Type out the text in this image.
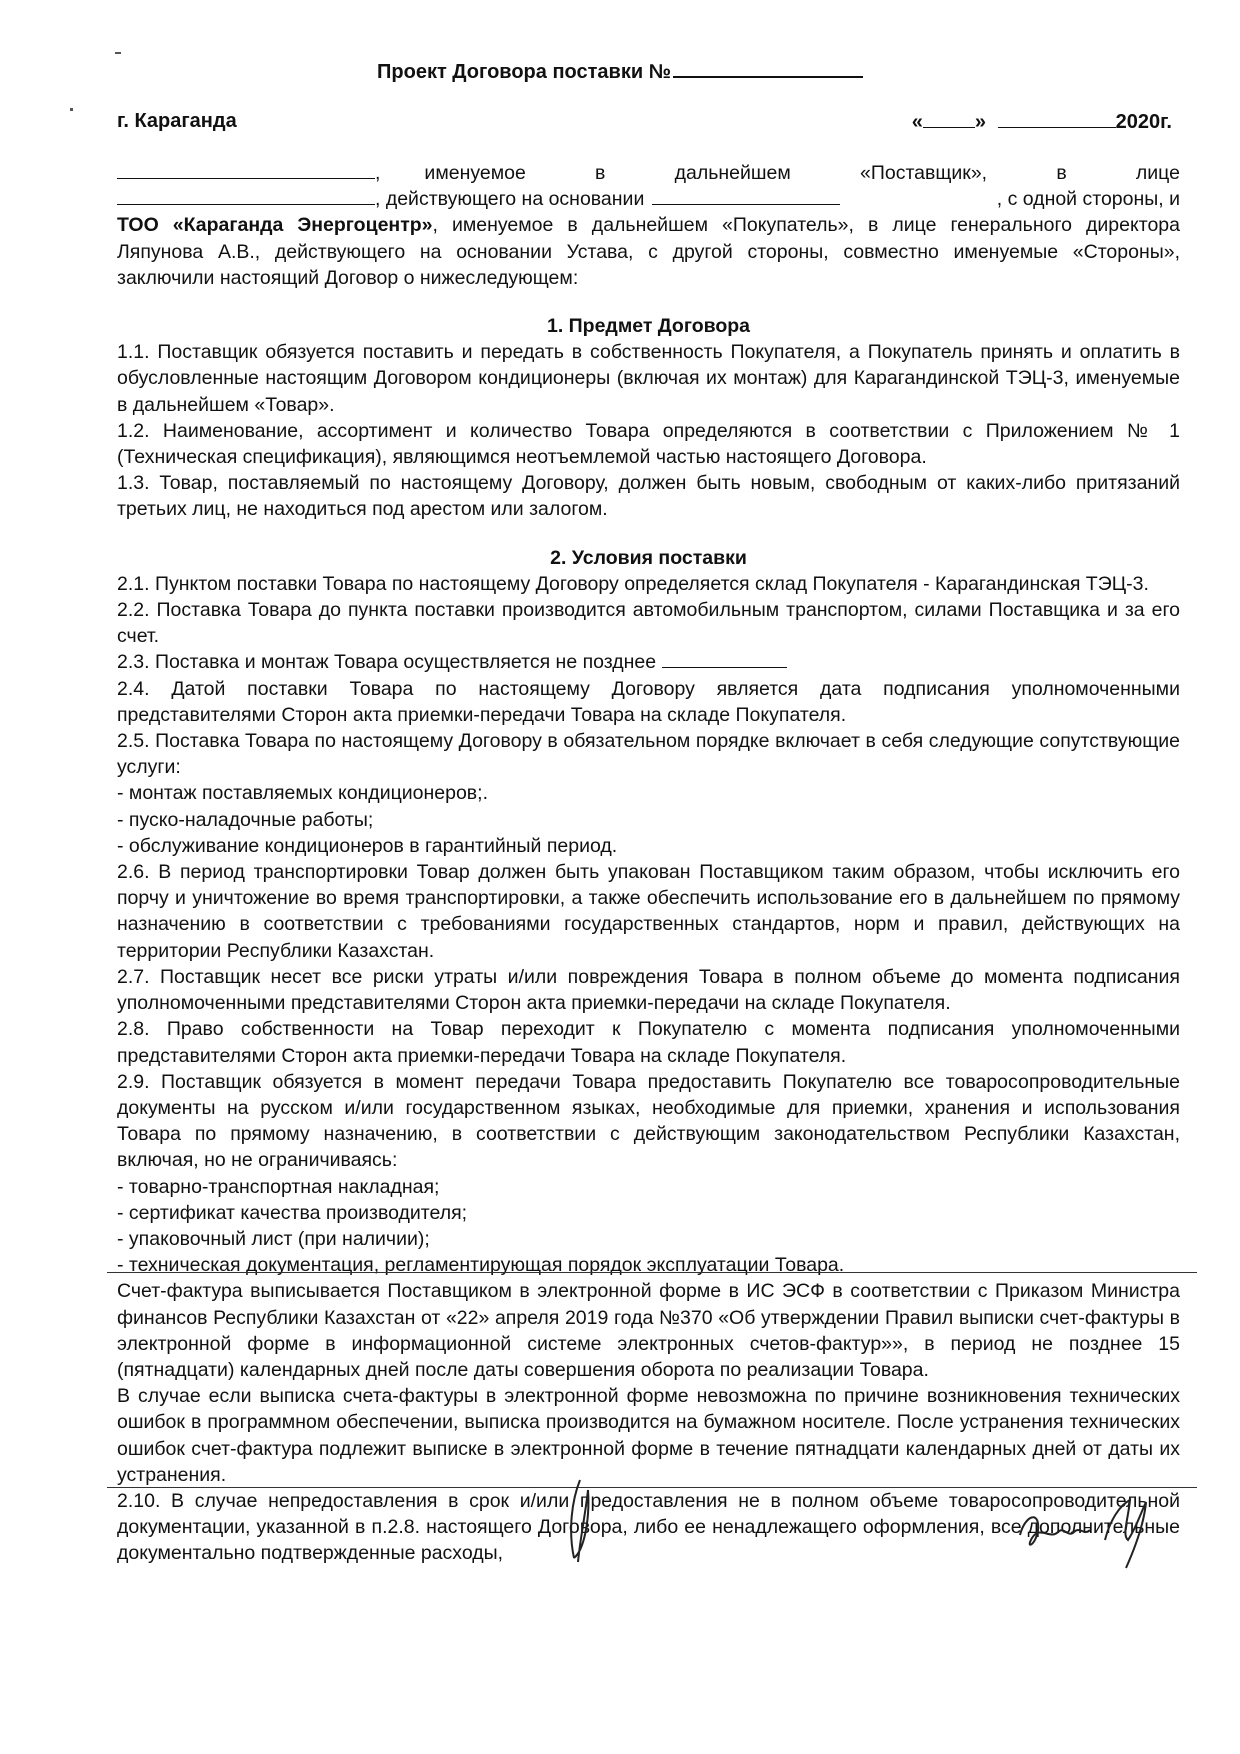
Проект Договора поставки №
г. Караганда	«	»	2020г.
, именуемое	в	дальнейшем	«Поставщик»,	в	лице
, действующего на основании	, с одной стороны, и

ТОО «Караганда Энергоцентр», именуемое в дальнейшем «Покупатель», в лице генерального директора Ляпунова А.В., действующего на основании Устава, с другой стороны, совместно именуемые «Стороны», заключили настоящий Договор о нижеследующем:

1. Предмет Договора

1.1. Поставщик обязуется поставить и передать в собственность Покупателя, а Покупатель принять и оплатить в обусловленные настоящим Договором кондиционеры (включая их монтаж) для Карагандинской ТЭЦ-3, именуемые в дальнейшем «Товар».

1.2. Наименование, ассортимент и количество Товара определяются в соответствии с Приложением № 1 (Техническая спецификация), являющимся неотъемлемой частью настоящего Договора.

1.3. Товар, поставляемый по настоящему Договору, должен быть новым, свободным от каких-либо притязаний третьих лиц, не находиться под арестом или залогом.

2. Условия поставки

2.1. Пунктом поставки Товара по настоящему Договору определяется склад Покупателя - Карагандинская ТЭЦ-3.

2.2. Поставка Товара до пункта поставки производится автомобильным транспортом, силами Поставщика и за его счет.

2.3. Поставка и монтаж Товара осуществляется не позднее

2.4. Датой поставки Товара по настоящему Договору является дата подписания уполномоченными представителями Сторон акта приемки-передачи Товара на складе Покупателя.

2.5. Поставка Товара по настоящему Договору в обязательном порядке включает в себя следующие сопутствующие услуги:

- монтаж поставляемых кондиционеров;.

- пуско-наладочные работы;

- обслуживание кондиционеров в гарантийный период.

2.6. В период транспортировки Товар должен быть упакован Поставщиком таким образом, чтобы исключить его порчу и уничтожение во время транспортировки, а также обеспечить использование его в дальнейшем по прямому назначению в соответствии с требованиями государственных стандартов, норм и правил, действующих на территории Республики Казахстан.

2.7. Поставщик несет все риски утраты и/или повреждения Товара в полном объеме до момента подписания уполномоченными представителями Сторон акта приемки-передачи на складе Покупателя.

2.8. Право собственности на Товар переходит к Покупателю с момента подписания уполномоченными представителями Сторон акта приемки-передачи Товара на складе Покупателя.

2.9. Поставщик обязуется в момент передачи Товара предоставить Покупателю все товаросопроводительные документы на русском и/или государственном языках, необходимые для приемки, хранения и использования Товара по прямому назначению, в соответствии с действующим законодательством Республики Казахстан, включая, но не ограничиваясь:

- товарно-транспортная накладная;

- сертификат качества производителя;

- упаковочный лист (при наличии);

- техническая документация, регламентирующая порядок эксплуатации Товара.

Счет-фактура выписывается Поставщиком в электронной форме в ИС ЭСФ в соответствии с Приказом Министра финансов Республики Казахстан от «22» апреля 2019 года №370 «Об утверждении Правил выписки счет-фактуры в электронной форме в информационной системе электронных счетов-фактур»», в период не позднее 15 (пятнадцати) календарных дней после даты совершения оборота по реализации Товара.

В случае если выписка счета-фактуры в электронной форме невозможна по причине возникновения технических ошибок в программном обеспечении, выписка производится на бумажном носителе. После устранения технических ошибок счет-фактура подлежит выписке в электронной форме в течение пятнадцати календарных дней от даты их устранения.

2.10. В случае непредоставления в срок и/или предоставления не в полном объеме товаросопроводительной документации, указанной в п.2.8. настоящего Договора, либо ее ненадлежащего оформления, все дополнительные документально подтвержденные расходы,
